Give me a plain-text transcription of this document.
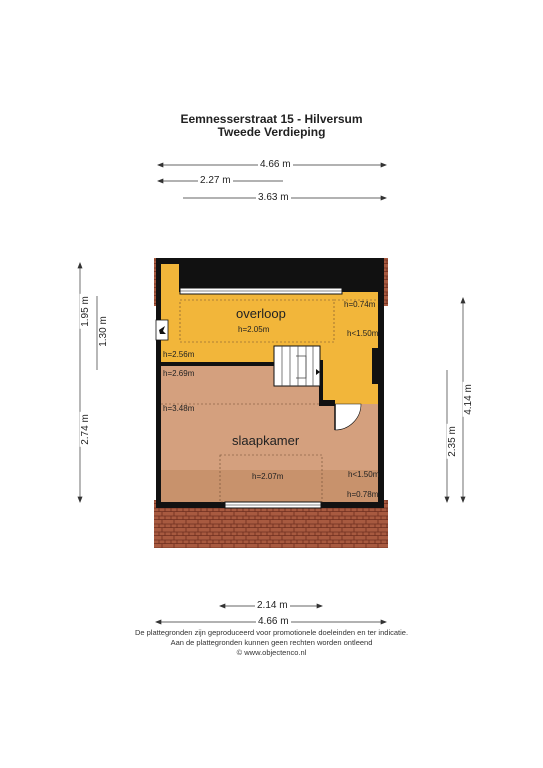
Eemnesserstraat 15 - Hilversum
Tweede Verdieping
4.66 m
2.27 m
3.63 m
1.95 m
1.30 m
2.74 m
4.14 m
2.35 m
2.14 m
4.66 m
overloop
h=2.05m
h=0.74m
h<1.50m
h=2.56m
slaapkamer
h=2.69m
h=3.48m
h=2.07m	h<1.50m
h=0.78m
De plattegronden zijn geproduceerd voor promotionele doeleinden en ter indicatie.
Aan de plattegronden kunnen geen rechten worden ontleend
© www.objectenco.nl
